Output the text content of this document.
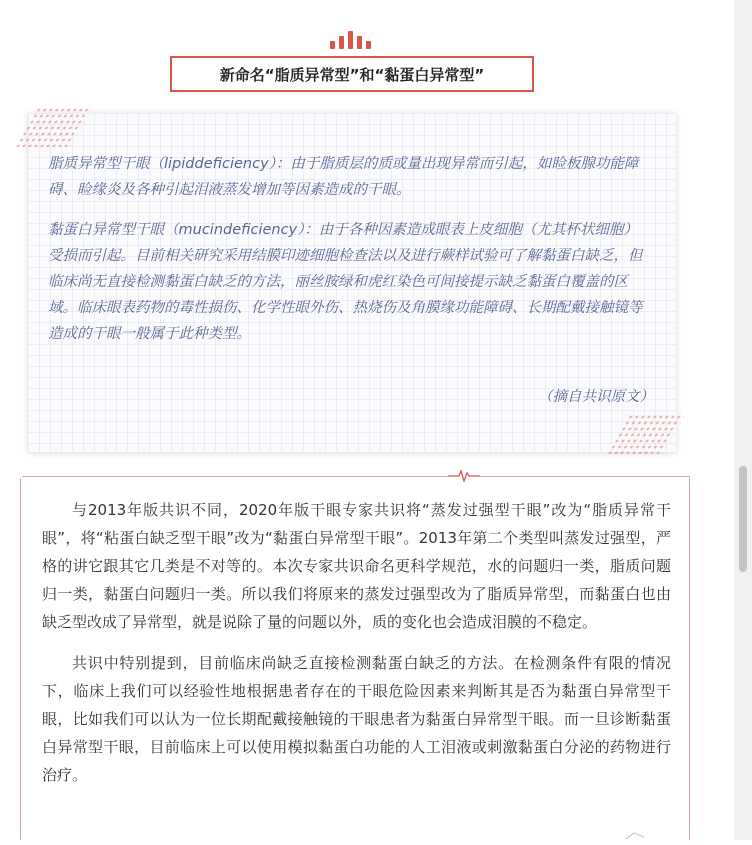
新命名“脂质异常型”和“黏蛋白异常型”

脂质异常型干眼（lipiddeficiency）：由于脂质层的质或量出现异常而引起，如睑板腺功能障碍、睑缘炎及各种引起泪液蒸发增加等因素造成的干眼。

黏蛋白异常型干眼（mucindeficiency）：由于各种因素造成眼表上皮细胞（尤其杯状细胞）受损而引起。目前相关研究采用结膜印迹细胞检查法以及进行蕨样试验可了解黏蛋白缺乏，但临床尚无直接检测黏蛋白缺乏的方法，丽丝胺绿和虎红染色可间接提示缺乏黏蛋白覆盖的区域。临床眼表药物的毒性损伤、化学性眼外伤、热烧伤及角膜缘功能障碍、长期配戴接触镜等造成的干眼一般属于此种类型。

（摘自共识原文）

与2013年版共识不同，2020年版干眼专家共识将“蒸发过强型干眼”改为“脂质异常干眼”，将“粘蛋白缺乏型干眼”改为“黏蛋白异常型干眼”。2013年第二个类型叫蒸发过强型，严格的讲它跟其它几类是不对等的。本次专家共识命名更科学规范，水的问题归一类，脂质问题归一类，黏蛋白问题归一类。所以我们将原来的蒸发过强型改为了脂质异常型，而黏蛋白也由缺乏型改成了异常型，就是说除了量的问题以外，质的变化也会造成泪膜的不稳定。

共识中特别提到，目前临床尚缺乏直接检测黏蛋白缺乏的方法。在检测条件有限的情况下，临床上我们可以经验性地根据患者存在的干眼危险因素来判断其是否为黏蛋白异常型干眼，比如我们可以认为一位长期配戴接触镜的干眼患者为黏蛋白异常型干眼。而一旦诊断黏蛋白异常型干眼，目前临床上可以使用模拟黏蛋白功能的人工泪液或刺激黏蛋白分泌的药物进行治疗。
